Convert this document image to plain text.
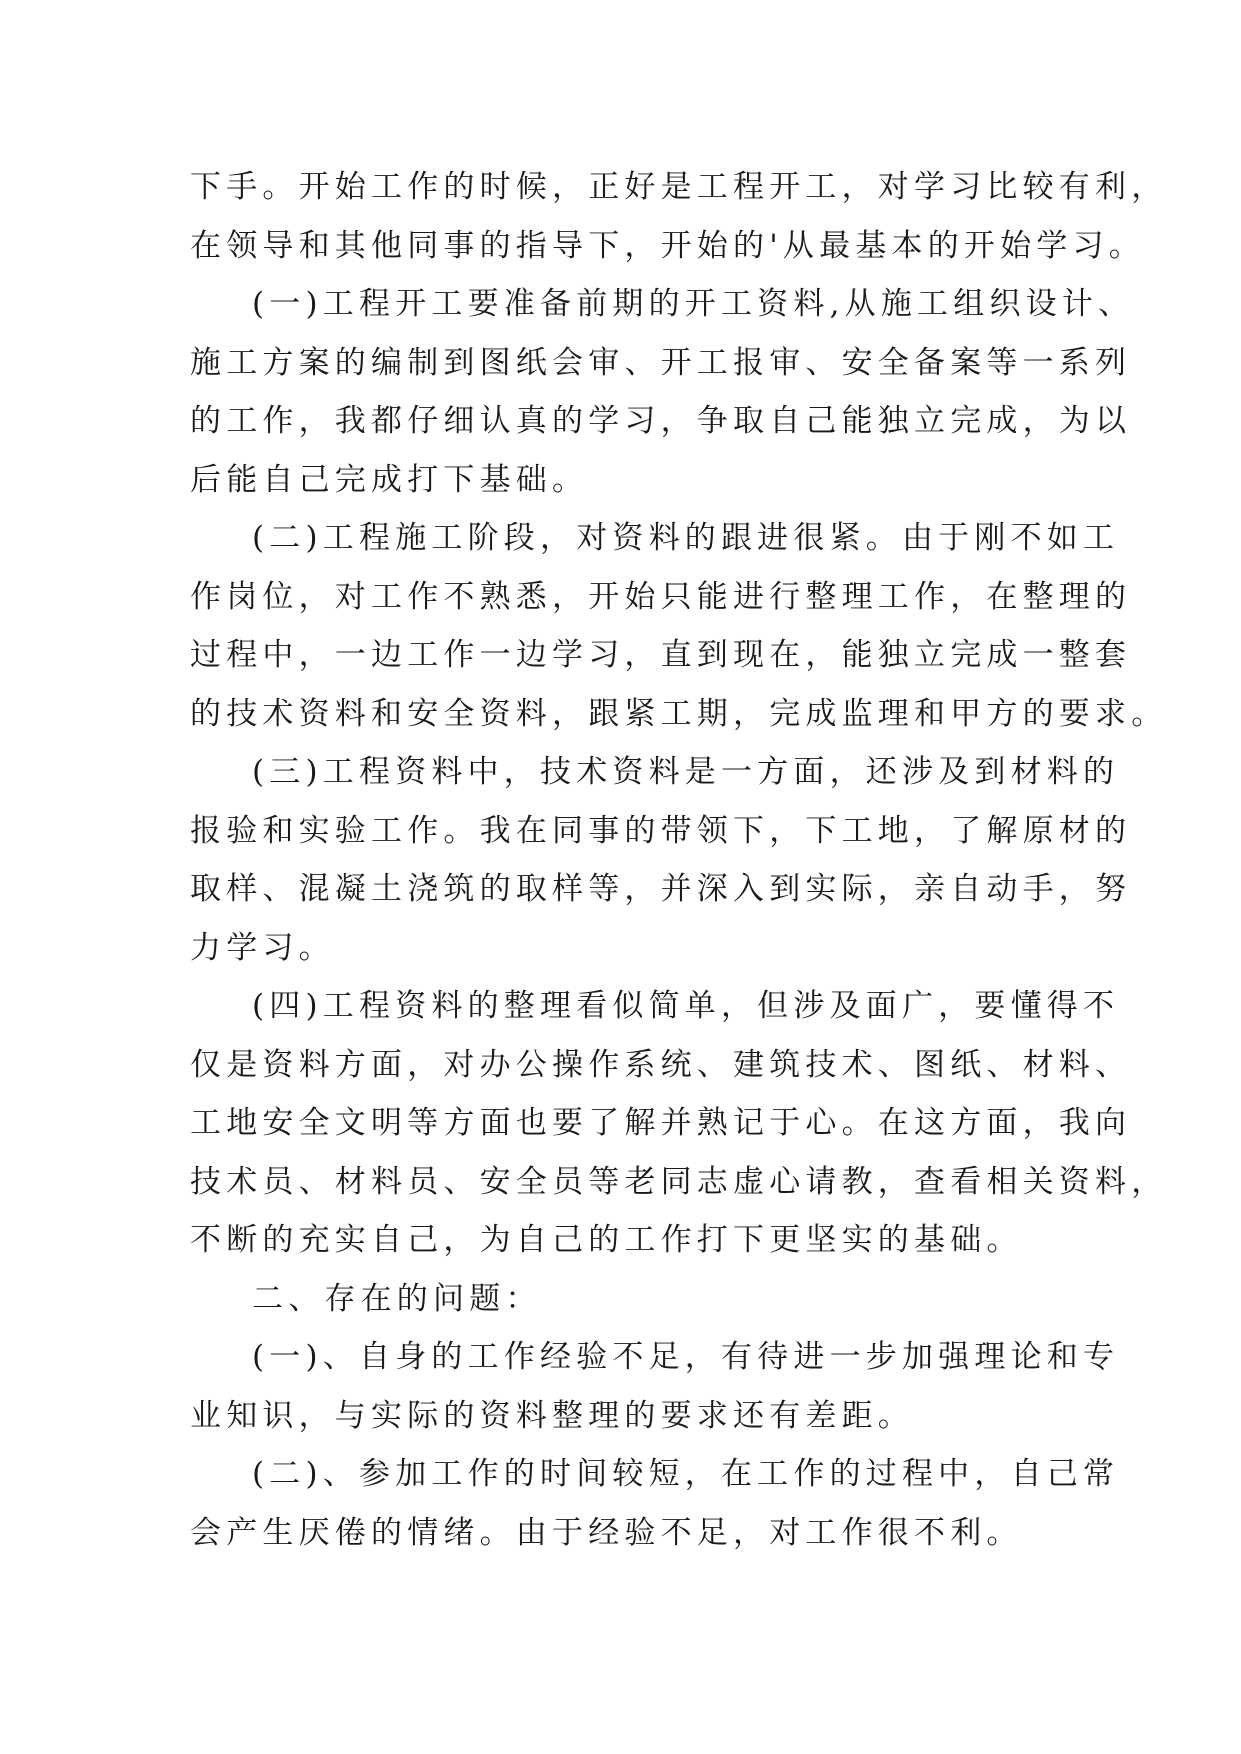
下手。开始工作的时候，正好是工程开工，对学习比较有利，
在领导和其他同事的指导下，开始的'从最基本的开始学习。
(一)工程开工要准备前期的开工资料,从施工组织设计、
施工方案的编制到图纸会审、开工报审、安全备案等一系列
的工作，我都仔细认真的学习，争取自己能独立完成，为以
后能自己完成打下基础。
(二)工程施工阶段，对资料的跟进很紧。由于刚不如工
作岗位，对工作不熟悉，开始只能进行整理工作，在整理的
过程中，一边工作一边学习，直到现在，能独立完成一整套
的技术资料和安全资料，跟紧工期，完成监理和甲方的要求。
(三)工程资料中，技术资料是一方面，还涉及到材料的
报验和实验工作。我在同事的带领下，下工地，了解原材的
取样、混凝土浇筑的取样等，并深入到实际，亲自动手，努
力学习。
(四)工程资料的整理看似简单，但涉及面广，要懂得不
仅是资料方面，对办公操作系统、建筑技术、图纸、材料、
工地安全文明等方面也要了解并熟记于心。在这方面，我向
技术员、材料员、安全员等老同志虚心请教，查看相关资料，
不断的充实自己，为自己的工作打下更坚实的基础。
二、存在的问题：
(一)、自身的工作经验不足，有待进一步加强理论和专
业知识，与实际的资料整理的要求还有差距。
(二)、参加工作的时间较短，在工作的过程中，自己常
会产生厌倦的情绪。由于经验不足，对工作很不利。
